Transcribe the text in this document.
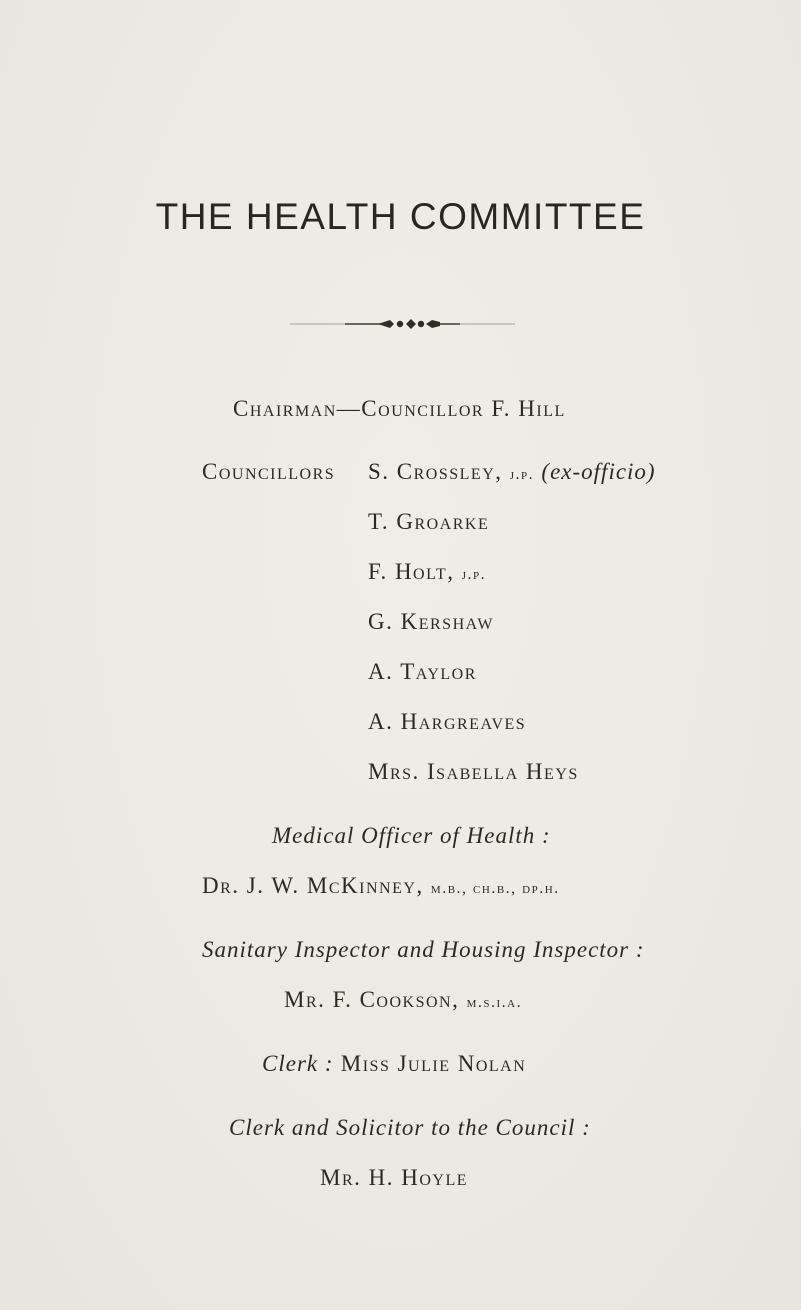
THE HEALTH COMMITTEE
Chairman—Councillor F. Hill
Councillors S. Crossley, j.p. (ex-officio)
T. Groarke
F. Holt, j.p.
G. Kershaw
A. Taylor
A. Hargreaves
Mrs. Isabella Heys
Medical Officer of Health :
Dr. J. W. McKinney, m.b., ch.b., dp.h.
Sanitary Inspector and Housing Inspector :
Mr. F. Cookson, m.s.i.a.
Clerk : Miss Julie Nolan
Clerk and Solicitor to the Council :
Mr. H. Hoyle
